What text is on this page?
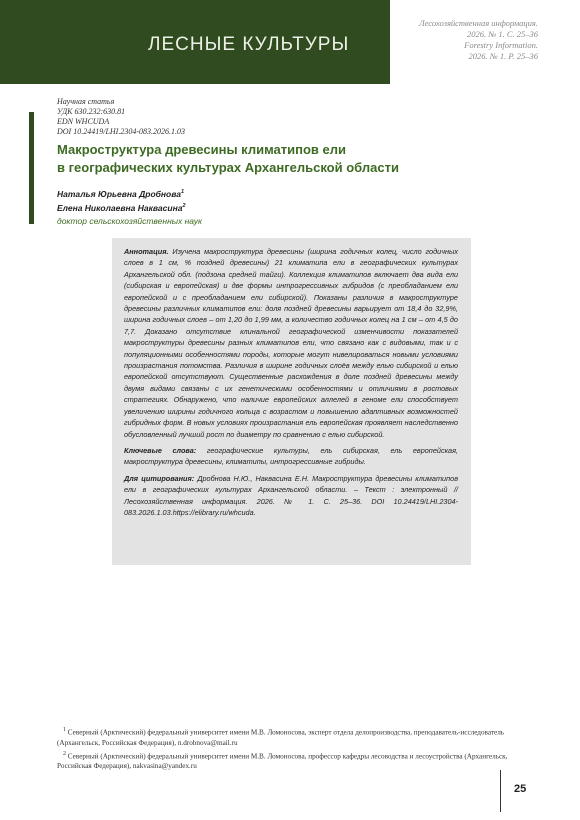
ЛЕСНЫЕ КУЛЬТУРЫ
Лесохозяйственная информация.
2026. № 1. С. 25–36
Forestry Information.
2026. № 1. P. 25–36
Научная статья
УДК 630.232:630.81
EDN WHCUDA
DOI 10.24419/LHI.2304-083.2026.1.03
Макроструктура древесины климатипов ели
в географических культурах Архангельской области
Наталья Юрьевна Дробнова$^1$
Елена Николаевна Наквасина$^2$
доктор сельскохозяйственных наук

Аннотация. Изучена макроструктура древесины (ширина годичных колец, число годичных слоев в 1 см, % поздней древесины) 21 климатипа ели в географических культурах Архангельской обл. (подзона средней тайги). Коллекция климатипов включает два вида ели (сибирская и европейская) и две формы интрогрессивных гибридов (с преобладанием ели европейской и с преобладанием ели сибирской). Показаны различия в макроструктуре древесины различных климатипов ели: доля поздней древесины варьирует от 18,4 до 32,9%, ширина годичных слоев – от 1,20 до 1,99 мм, а количество годичных колец на 1 см – от 4,5 до 7,7. Доказано отсутствие клинальной географической изменчивости показателей макроструктуры древесины разных климатипов ели, что связано как с видовыми, так и с популяционными особенностями породы, которые могут нивелироваться новыми условиями произрастания потомства. Различия в ширине годичных слоёв между елью сибирской и елью европейской отсутствуют. Существенные расхождения в доле поздней древесины между двумя видами связаны с их генетическими особенностями и отличиями в ростовых стратегиях. Обнаружено, что наличие европейских аллелей в геноме ели способствует увеличению ширины годичного кольца с возрастом и повышению адаптивных возможностей гибридных форм. В новых условиях произрастания ель европейская проявляет наследственно обусловленный лучший рост по диаметру по сравнению с елью сибирской.

Ключевые слова: географические культуры, ель сибирская, ель европейская, макроструктура древесины, климатипы, интрогрессивные гибриды.

Для цитирования: Дробнова Н.Ю., Наквасина Е.Н. Макроструктура древесины климатипов ели в географических культурах Архангельской области. – Текст : электронный // Лесохозяйственная информация. 2026. № 1. С. 25–36. DOI 10.24419/LHI.2304-083.2026.1.03.https://elibrary.ru/whcuda.

$^1$ Северный (Арктический) федеральный университет имени М.В. Ломоносова, эксперт отдела делопроизводства, преподаватель-исследователь (Архангельск, Российская Федерация), n.drobnova@mail.ru

$^2$ Северный (Арктический) федеральный университет имени М.В. Ломоносова, профессор кафедры лесоводства и лесоустройства (Архангельск, Российская Федерация), nakvasina@yandex.ru

25
